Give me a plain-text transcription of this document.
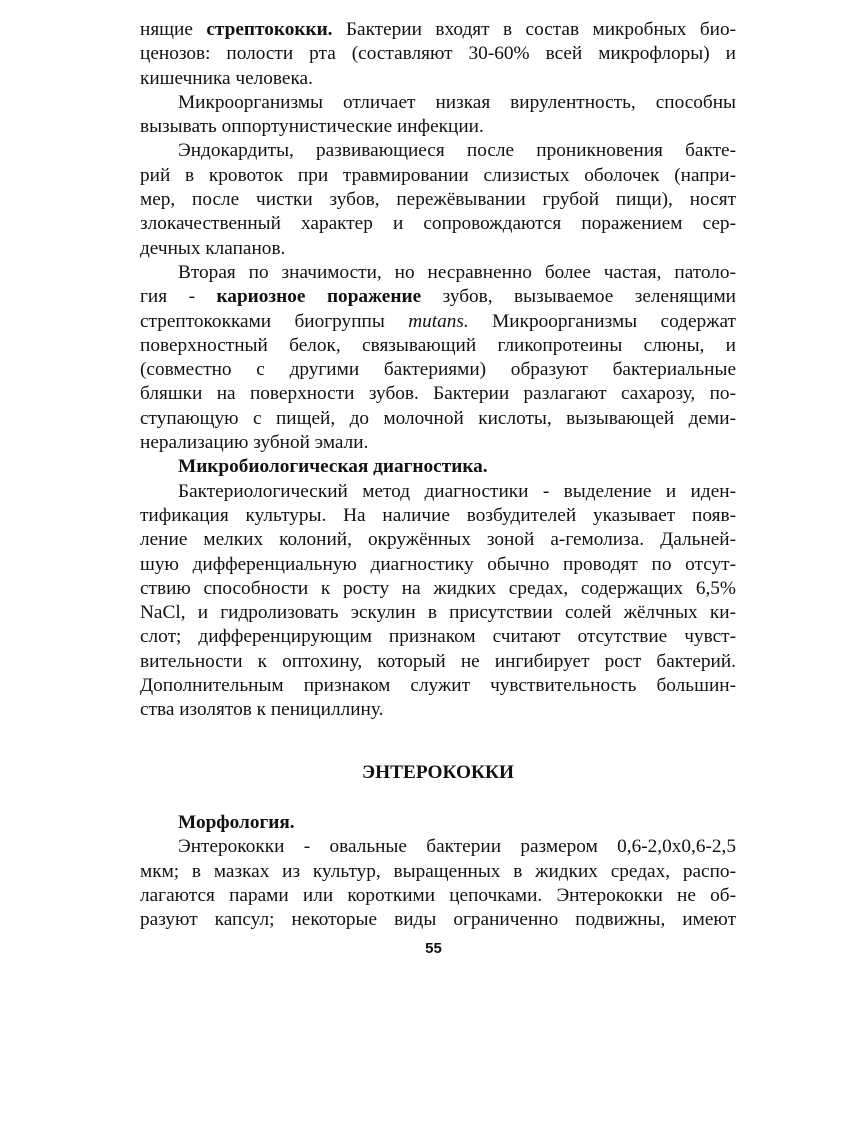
нящие стрептококки. Бактерии входят в состав микробных био-
ценозов: полости рта (составляют 30-60% всей микрофлоры) и
кишечника человека.
Микроорганизмы отличает низкая вирулентность, способны
вызывать оппортунистические инфекции.
Эндокардиты, развивающиеся после проникновения бакте-
рий в кровоток при травмировании слизистых оболочек (напри-
мер, после чистки зубов, пережёвывании грубой пищи), носят
злокачественный характер и сопровождаются поражением сер-
дечных клапанов.
Вторая по значимости, но несравненно более частая, патоло-
гия - кариозное поражение зубов, вызываемое зеленящими
стрептококками биогруппы mutans. Микроорганизмы содержат
поверхностный белок, связывающий гликопротеины слюны, и
(совместно с другими бактериями) образуют бактериальные
бляшки на поверхности зубов. Бактерии разлагают сахарозу, по-
ступающую с пищей, до молочной кислоты, вызывающей деми-
нерализацию зубной эмали.
Микробиологическая диагностика.
Бактериологический метод диагностики - выделение и иден-
тификация культуры. На наличие возбудителей указывает появ-
ление мелких колоний, окружённых зоной a-гемолиза. Дальней-
шую дифференциальную диагностику обычно проводят по отсут-
ствию способности к росту на жидких средах, содержащих 6,5%
NaCl, и гидролизовать эскулин в присутствии солей жёлчных ки-
слот; дифференцирующим признаком считают отсутствие чувст-
вительности к оптохину, который не ингибирует рост бактерий.
Дополнительным признаком служит чувствительность большин-
ства изолятов к пенициллину.
ЭНТЕРОКОККИ
Морфология.
Энтерококки - овальные бактерии размером 0,6-2,0х0,6-2,5
мкм; в мазках из культур, выращенных в жидких средах, распо-
лагаются парами или короткими цепочками. Энтерококки не об-
разуют капсул; некоторые виды ограниченно подвижны, имеют
55
